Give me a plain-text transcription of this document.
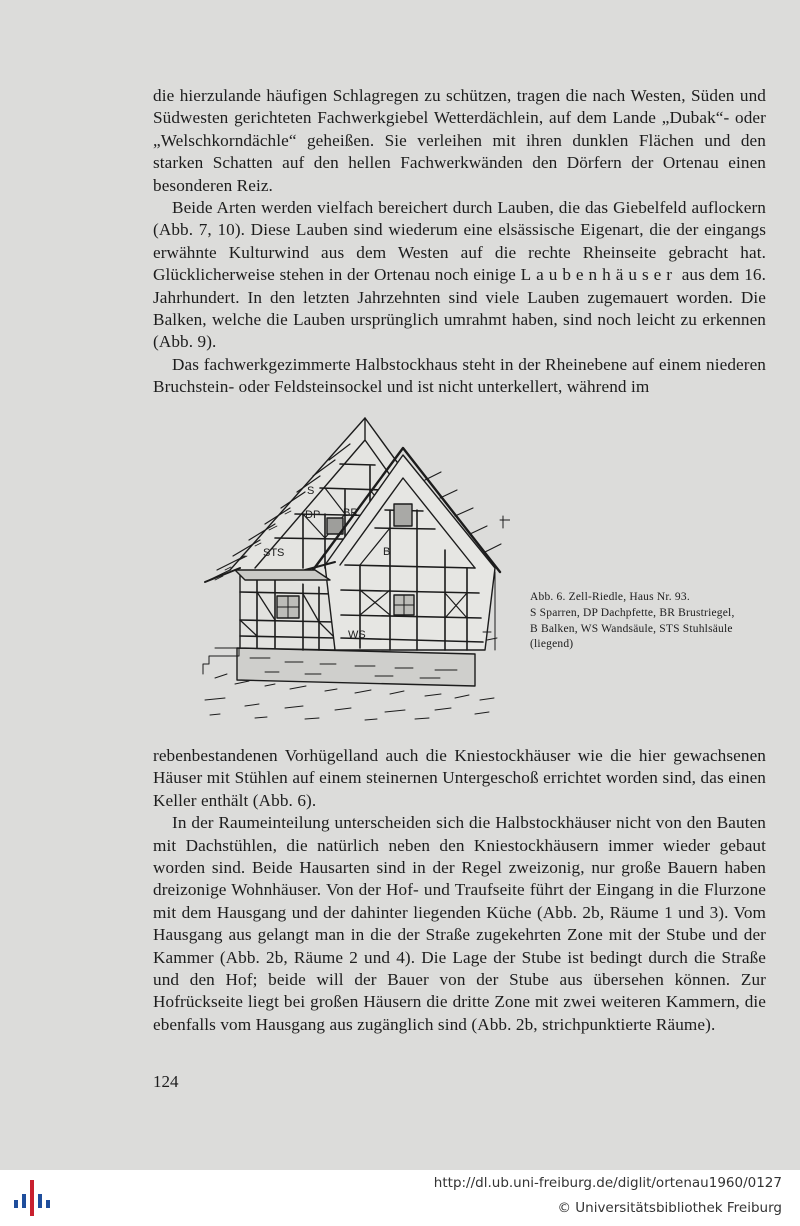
die hierzulande häufigen Schlagregen zu schützen, tragen die nach Westen, Süden und Südwesten gerichteten Fachwerkgiebel Wetterdächlein, auf dem Lande „Dubak“- oder „Welschkorndächle“ geheißen. Sie verleihen mit ihren dunklen Flächen und den starken Schatten auf den hellen Fachwerkwänden den Dörfern der Ortenau einen besonderen Reiz.

Beide Arten werden vielfach bereichert durch Lauben, die das Giebelfeld auflockern (Abb. 7, 10). Diese Lauben sind wiederum eine elsässische Eigenart, die der eingangs erwähnte Kulturwind aus dem Westen auf die rechte Rheinseite gebracht hat. Glücklicherweise stehen in der Ortenau noch einige Laubenhäuser aus dem 16. Jahrhundert. In den letzten Jahrzehnten sind viele Lauben zugemauert worden. Die Balken, welche die Lauben ursprünglich umrahmt haben, sind noch leicht zu erkennen (Abb. 9).

Das fachwerkgezimmerte Halbstockhaus steht in der Rheinebene auf einem niederen Bruchstein- oder Feldsteinsockel und ist nicht unterkellert, während im

S
DP BR
STS	B
WS
Abb. 6. Zell-Riedle, Haus Nr. 93.
S Sparren, DP Dachpfette, BR Brustriegel,
B Balken, WS Wandsäule, STS Stuhlsäule
(liegend)

rebenbestandenen Vorhügelland auch die Kniestockhäuser wie die hier gewachsenen Häuser mit Stühlen auf einem steinernen Untergeschoß errichtet worden sind, das einen Keller enthält (Abb. 6).

In der Raumeinteilung unterscheiden sich die Halbstockhäuser nicht von den Bauten mit Dachstühlen, die natürlich neben den Kniestockhäusern immer wieder gebaut worden sind. Beide Hausarten sind in der Regel zweizonig, nur große Bauern haben dreizonige Wohnhäuser. Von der Hof- und Traufseite führt der Eingang in die Flurzone mit dem Hausgang und der dahinter liegenden Küche (Abb. 2b, Räume 1 und 3). Vom Hausgang aus gelangt man in die der Straße zugekehrten Zone mit der Stube und der Kammer (Abb. 2b, Räume 2 und 4). Die Lage der Stube ist bedingt durch die Straße und den Hof; beide will der Bauer von der Stube aus übersehen können. Zur Hofrückseite liegt bei großen Häusern die dritte Zone mit zwei weiteren Kammern, die ebenfalls vom Hausgang aus zugänglich sind (Abb. 2b, strichpunktierte Räume).

124
http://dl.ub.uni-freiburg.de/diglit/ortenau1960/0127
© Universitätsbibliothek Freiburg
